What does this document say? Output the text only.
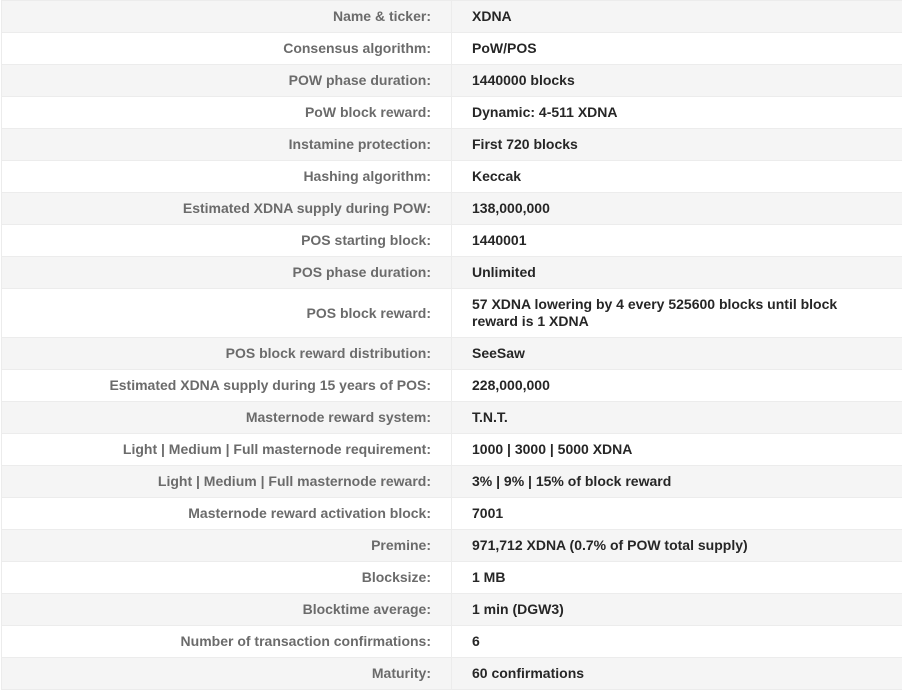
Name & ticker:	XDNA
Consensus algorithm:	PoW/POS
POW phase duration:	1440000 blocks
PoW block reward:	Dynamic: 4-511 XDNA
Instamine protection:	First 720 blocks
Hashing algorithm:	Keccak
Estimated XDNA supply during POW:	138,000,000
POS starting block:	1440001
POS phase duration:	Unlimited
POS block reward:	57 XDNA lowering by 4 every 525600 blocks until block reward is 1 XDNA
POS block reward distribution:	SeeSaw
Estimated XDNA supply during 15 years of POS:	228,000,000
Masternode reward system:	T.N.T.
Light | Medium | Full masternode requirement:	1000 | 3000 | 5000 XDNA
Light | Medium | Full masternode reward:	3% | 9% | 15% of block reward
Masternode reward activation block:	7001
Premine:	971,712 XDNA (0.7% of POW total supply)
Blocksize:	1 MB
Blocktime average:	1 min (DGW3)
Number of transaction confirmations:	6
Maturity:	60 confirmations
